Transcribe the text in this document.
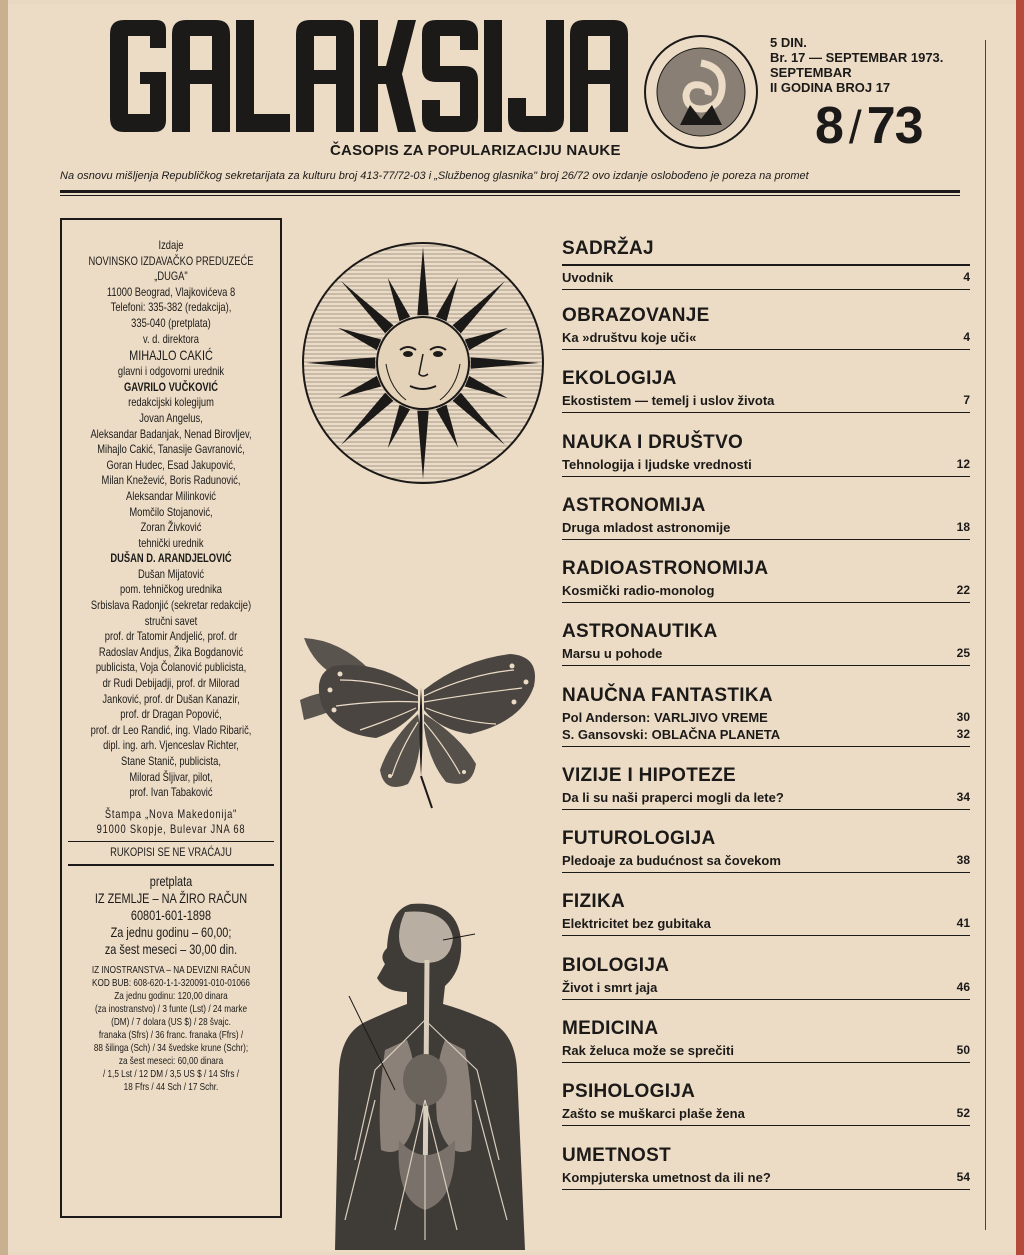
ČASOPIS ZA POPULARIZACIJU NAUKE
5 DIN.
Br. 17 — SEPTEMBAR 1973.
SEPTEMBAR
II GODINA BROJ 17
8 / 73
Na osnovu mišljenja Republičkog sekretarijata za kulturu broj 413-77/72-03 i „Službenog glasnika" broj 26/72 ovo izdanje oslobođeno je poreza na promet
Izdaje
NOVINSKO IZDAVAČKO PREDUZEĆE
„DUGA"
11000 Beograd, Vlajkovićeva 8
Telefoni: 335-382 (redakcija),
335-040 (pretplata)
v. d. direktora
MIHAJLO CAKIĆ
glavni i odgovorni urednik
GAVRILO VUČKOVIĆ
redakcijski kolegijum
Jovan Angelus,
Aleksandar Badanjak, Nenad Birovljev,
Mihajlo Cakić, Tanasije Gavranović,
Goran Hudec, Esad Jakupović,
Milan Knežević, Boris Radunović,
Aleksandar Milinković
Momčilo Stojanović,
Zoran Živković
tehnički urednik
DUŠAN D. ARANDJELOVIĆ
Dušan Mijatović
pom. tehničkog urednika
Srbislava Radonjić (sekretar redakcije)
stručni savet
prof. dr Tatomir Andjelić, prof. dr
Radoslav Andjus, Žika Bogdanović
publicista, Voja Čolanović publicista,
dr Rudi Debijadji, prof. dr Milorad
Janković, prof. dr Dušan Kanazir,
prof. dr Dragan Popović,
prof. dr Leo Randić, ing. Vlado Ribarič,
dipl. ing. arh. Vjenceslav Richter,
Stane Stanič, publicista,
Milorad Šljivar, pilot,
prof. Ivan Tabaković
Štampa „Nova Makedonija"
91000 Skopje, Bulevar JNA 68
RUKOPISI SE NE VRAĆAJU
pretplata
IZ ZEMLJE – NA ŽIRO RAČUN
60801-601-1898
Za jednu godinu – 60,00;
za šest meseci – 30,00 din.
IZ INOSTRANSTVA – NA DEVIZNI RAČUN
KOD BUB: 608-620-1-1-320091-010-01066
Za jednu godinu: 120,00 dinara
(za inostranstvo) / 3 funte (Lst) / 24 marke
(DM) / 7 dolara (US $) / 28 švajc.
franaka (Sfrs) / 36 franc. franaka (Ffrs) /
88 šilinga (Sch) / 34 švedske krune (Schr);
za šest meseci: 60,00 dinara
/ 1,5 Lst / 12 DM / 3,5 US $ / 14 Sfrs /
18 Ffrs / 44 Sch / 17 Schr.
SADRŽAJ
Uvodnik	4
OBRAZOVANJE
Ka »društvu koje uči«	4
EKOLOGIJA
Ekostistem — temelj i uslov života	7
NAUKA I DRUŠTVO
Tehnologija i ljudske vrednosti	12
ASTRONOMIJA
Druga mladost astronomije	18
RADIOASTRONOMIJA
Kosmički radio-monolog	22
ASTRONAUTIKA
Marsu u pohode	25
NAUČNA FANTASTIKA
Pol Anderson: VARLJIVO VREME	30
S. Gansovski: OBLAČNA PLANETA	32
VIZIJE I HIPOTEZE
Da li su naši praperci mogli da lete?	34
FUTUROLOGIJA
Pledoaje za budućnost sa čovekom	38
FIZIKA
Elektricitet bez gubitaka	41
BIOLOGIJA
Život i smrt jaja	46
MEDICINA
Rak želuca može se sprečiti	50
PSIHOLOGIJA
Zašto se muškarci plaše žena	52
UMETNOST
Kompjuterska umetnost da ili ne?	54
